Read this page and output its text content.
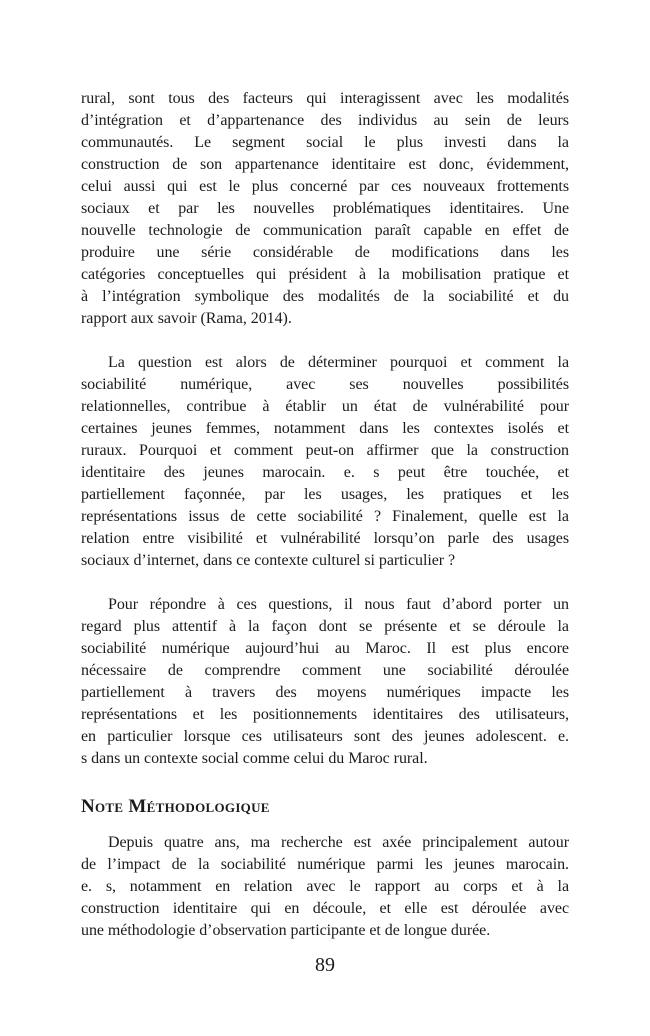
rural, sont tous des facteurs qui interagissent avec les modalités
d’intégration et d’appartenance des individus au sein de leurs
communautés. Le segment social le plus investi dans la
construction de son appartenance identitaire est donc, évidemment,
celui aussi qui est le plus concerné par ces nouveaux frottements
sociaux et par les nouvelles problématiques identitaires. Une
nouvelle technologie de communication paraît capable en effet de
produire une série considérable de modifications dans les
catégories conceptuelles qui président à la mobilisation pratique et
à l’intégration symbolique des modalités de la sociabilité et du
rapport aux savoir (Rama, 2014).
La question est alors de déterminer pourquoi et comment la
sociabilité numérique, avec ses nouvelles possibilités
relationnelles, contribue à établir un état de vulnérabilité pour
certaines jeunes femmes, notamment dans les contextes isolés et
ruraux. Pourquoi et comment peut-on affirmer que la construction
identitaire des jeunes marocain. e. s peut être touchée, et
partiellement façonnée, par les usages, les pratiques et les
représentations issus de cette sociabilité ? Finalement, quelle est la
relation entre visibilité et vulnérabilité lorsqu’on parle des usages
sociaux d’internet, dans ce contexte culturel si particulier ?
Pour répondre à ces questions, il nous faut d’abord porter un
regard plus attentif à la façon dont se présente et se déroule la
sociabilité numérique aujourd’hui au Maroc. Il est plus encore
nécessaire de comprendre comment une sociabilité déroulée
partiellement à travers des moyens numériques impacte les
représentations et les positionnements identitaires des utilisateurs,
en particulier lorsque ces utilisateurs sont des jeunes adolescent. e.
s dans un contexte social comme celui du Maroc rural.
Note Méthodologique
Depuis quatre ans, ma recherche est axée principalement autour
de l’impact de la sociabilité numérique parmi les jeunes marocain.
e. s, notamment en relation avec le rapport au corps et à la
construction identitaire qui en découle, et elle est déroulée avec
une méthodologie d’observation participante et de longue durée.
89
